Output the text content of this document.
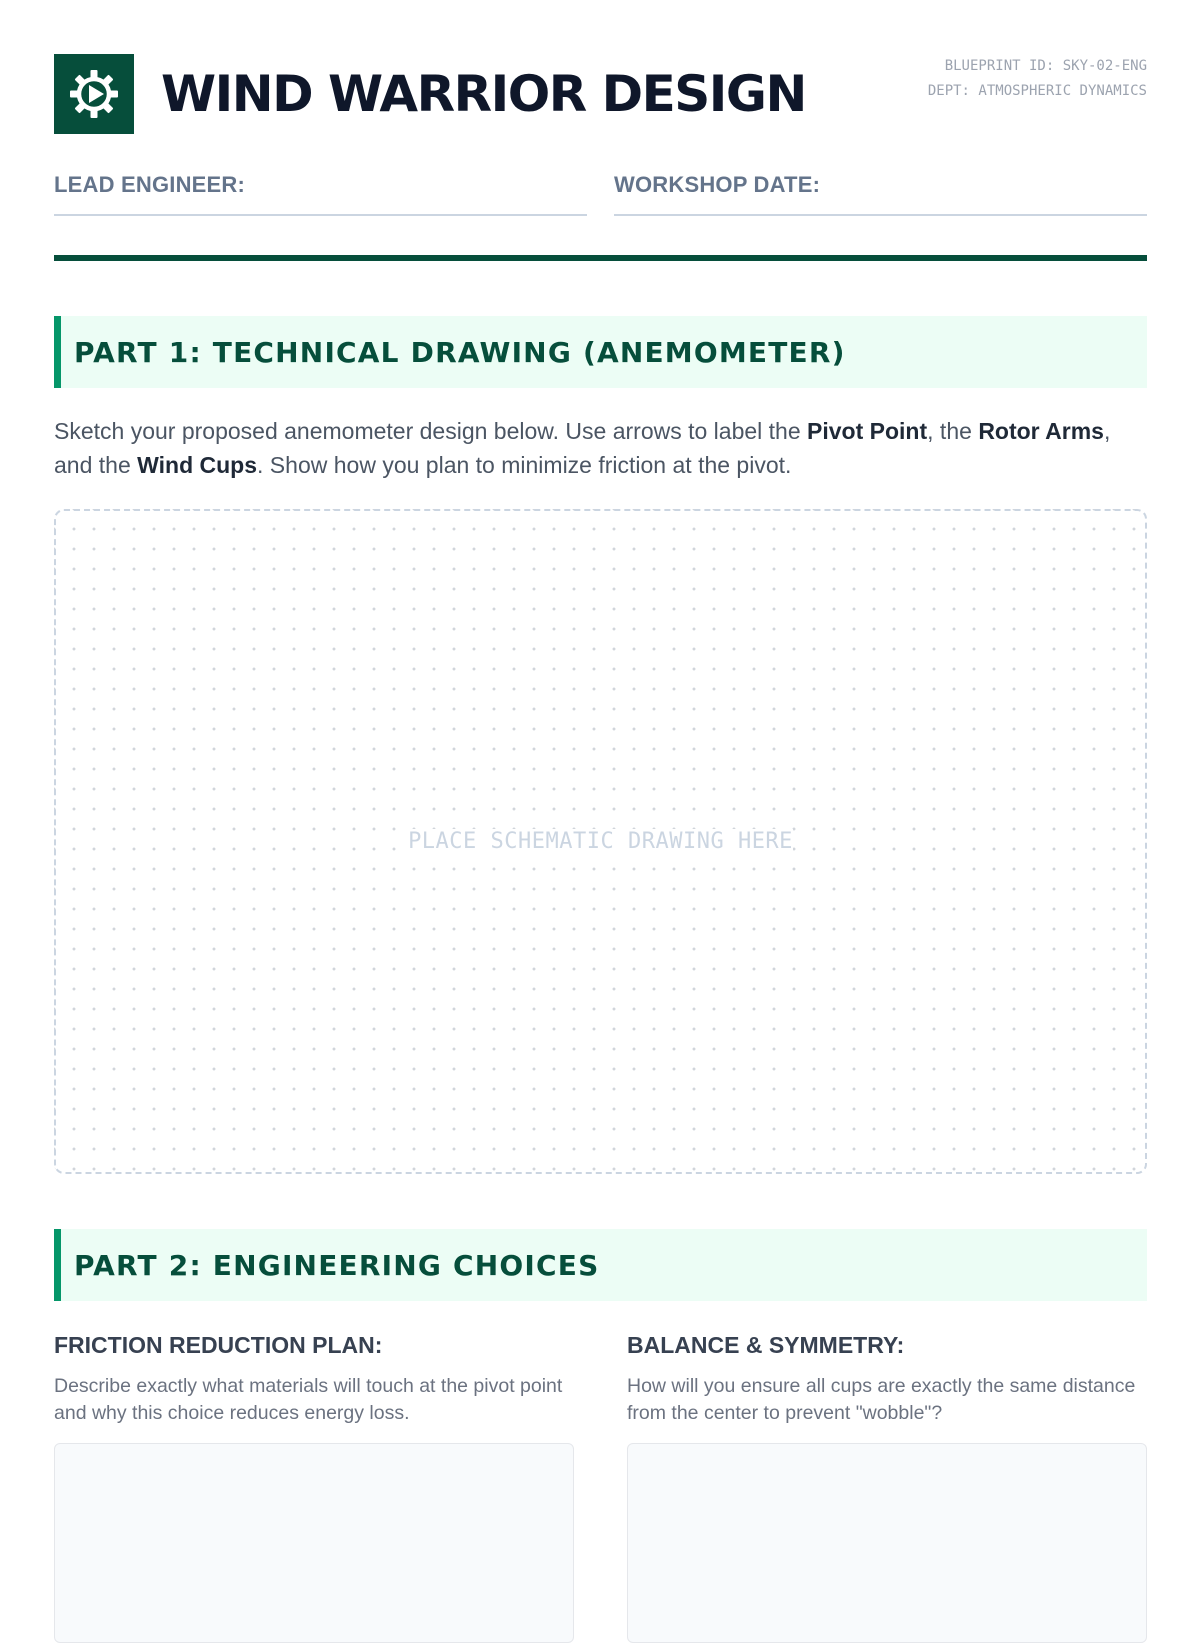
WIND WARRIOR DESIGN	BLUEPRINT ID: SKY-02-ENG
DEPT: ATMOSPHERIC DYNAMICS
LEAD ENGINEER:	WORKSHOP DATE:
PART 1: TECHNICAL DRAWING (ANEMOMETER)

Sketch your proposed anemometer design below. Use arrows to label the Pivot Point, the Rotor Arms, and the Wind Cups. Show how you plan to minimize friction at the pivot.

PLACE SCHEMATIC DRAWING HERE
PART 2: ENGINEERING CHOICES
FRICTION REDUCTION PLAN:

Describe exactly what materials will touch at the pivot point and why this choice reduces energy loss.

BALANCE & SYMMETRY:

How will you ensure all cups are exactly the same distance from the center to prevent "wobble"?
